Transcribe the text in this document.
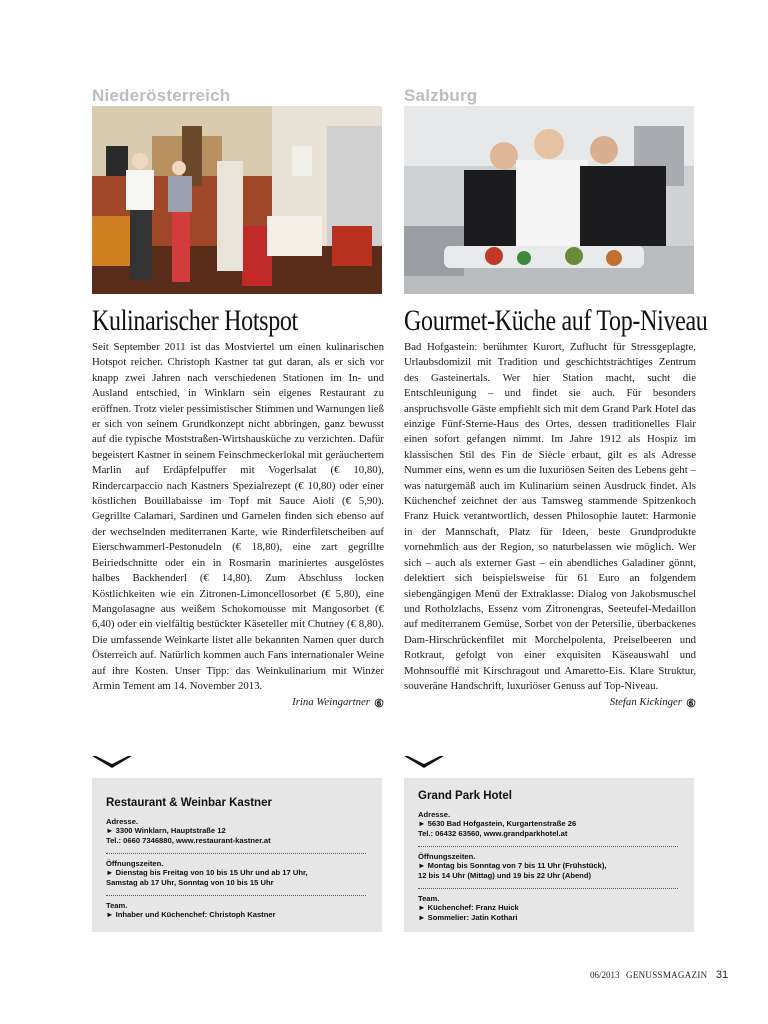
Niederösterreich
Kulinarischer Hotspot

Seit September 2011 ist das Mostviertel um einen kulinarischen Hotspot reicher. Christoph Kastner tat gut daran, als er sich vor knapp zwei Jahren nach verschiedenen Stationen im In- und Ausland entschied, in Winklarn sein eigenes Restaurant zu eröffnen. Trotz vieler pessimistischer Stimmen und Warnungen ließ er sich von seinem Grundkonzept nicht abbringen, ganz bewusst auf die typische Moststraßen-Wirtshausküche zu verzichten. Dafür begeistert Kastner in seinem Feinschmeckerlokal mit geräuchertem Marlin auf Erdäpfelpuffer mit Vogerlsalat (€ 10,80), Rindercarpaccio nach Kastners Spezialrezept (€ 10,80) oder einer köstlichen Bouillabaisse im Topf mit Sauce Aioli (€ 5,90). Gegrillte Calamari, Sardinen und Garnelen finden sich ebenso auf der wechselnden mediterranen Karte, wie Rinderfiletscheiben auf Eierschwammerl-Pestonudeln (€ 18,80), eine zart gegrillte Beiriedschnitte oder ein in Rosmarin mariniertes ausgelöstes halbes Backhenderl (€ 14,80). Zum Abschluss locken Köstlichkeiten wie ein Zitronen-Limoncellosorbet (€ 5,80), eine Mangolasagne aus weißem Schokomousse mit Mangosorbet (€ 6,40) oder ein vielfältig bestückter Käseteller mit Chutney (€ 8,80). Die umfassende Weinkarte listet alle bekannten Namen quer durch Österreich auf. Natürlich kommen auch Fans internationaler Weine auf ihre Kosten. Unser Tipp: das Weinkulinarium mit Winzer Armin Tement am 14. November 2013.

Irina Weingartner ⑥
Salzburg
Gourmet-Küche auf Top-Niveau

Bad Hofgastein: berühmter Kurort, Zuflucht für Stressgeplagte, Urlaubsdomizil mit Tradition und geschichtsträchtiges Zentrum des Gasteinertals. Wer hier Station macht, sucht die Entschleunigung – und findet sie auch. Für besonders anspruchsvolle Gäste empfiehlt sich mit dem Grand Park Hotel das einzige Fünf-Sterne-Haus des Ortes, dessen traditionelles Flair einen sofort gefangen nimmt. Im Jahre 1912 als Hospiz im klassischen Stil des Fin de Siècle erbaut, gilt es als Adresse Nummer eins, wenn es um die luxuriösen Seiten des Lebens geht – was naturgemäß auch im Kulinarium seinen Ausdruck findet. Als Küchenchef zeichnet der aus Tamsweg stammende Spitzenkoch Franz Huick verantwortlich, dessen Philosophie lautet: Harmonie in der Mannschaft, Platz für Ideen, beste Grundprodukte vornehmlich aus der Region, so naturbelassen wie möglich. Wer sich – auch als externer Gast – ein abendliches Galadiner gönnt, delektiert sich beispielsweise für 61 Euro an folgendem siebengängigen Menü der Extraklasse: Dialog von Jakobsmuschel und Rotholzlachs, Essenz vom Zitronengras, Seeteufel-Medaillon auf mediterranem Gemüse, Sorbet von der Petersilie, überbackenes Dam-Hirschrückenfilet mit Morchelpolenta, Preiselbeeren und Rotkraut, gefolgt von einer exquisiten Käseauswahl und Mohnsoufflé mit Kirschragout und Amaretto-Eis. Klare Struktur, souveräne Handschrift, luxuriöser Genuss auf Top-Niveau.

Stefan Kickinger ⑥
Restaurant & Weinbar Kastner
Adresse.
► 3300 Winklarn, Hauptstraße 12
Tel.: 0660 7346880, www.restaurant-kastner.at
Öffnungszeiten.
► Dienstag bis Freitag von 10 bis 15 Uhr und ab 17 Uhr,
Samstag ab 17 Uhr, Sonntag von 10 bis 15 Uhr
Team.
► Inhaber und Küchenchef: Christoph Kastner
Grand Park Hotel
Adresse.
► 5630 Bad Hofgastein, Kurgartenstraße 26
Tel.: 06432 63560, www.grandparkhotel.at
Öffnungszeiten.
► Montag bis Sonntag von 7 bis 11 Uhr (Frühstück),
12 bis 14 Uhr (Mittag) und 19 bis 22 Uhr (Abend)
Team.
► Küchenchef: Franz Huick
► Sommelier: Jatin Kothari
06/2013 GENUSSMAGAZIN 31
